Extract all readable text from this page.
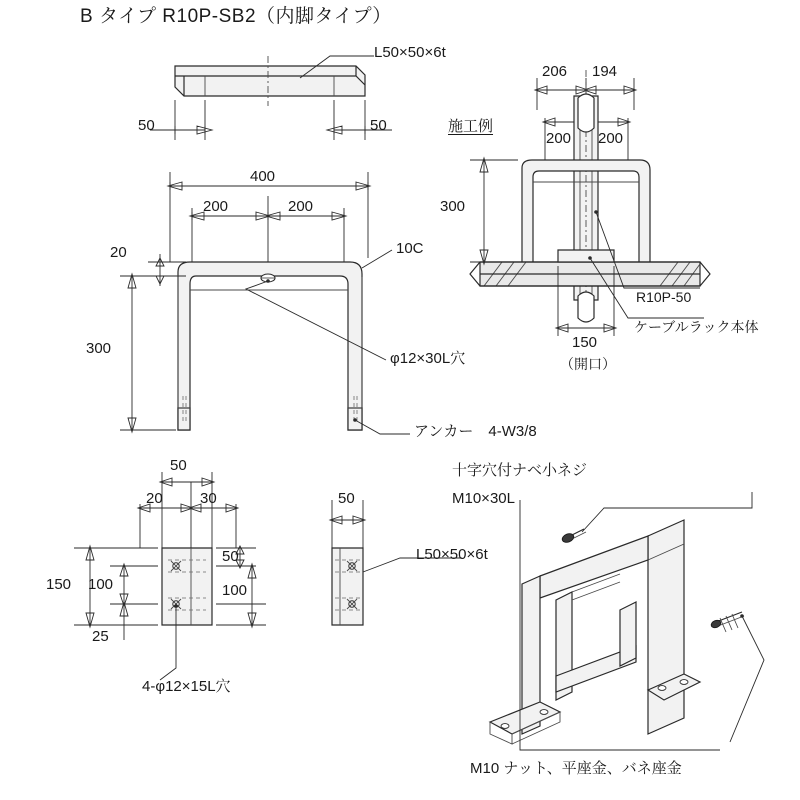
B タイプ R10P-SB2（内脚タイプ）
L50×50×6t
50	50
400
200	200
20
300
10C
φ12×30L穴
アンカー　4-W3/8
施工例
206 194
200 200
300
R10P-50
ケーブルラック本体
150
（開口）
50
20 30
150 100
25
50
100
4-φ12×15L穴
50
L50×50×6t
十字穴付ナベ小ネジ
M10×30L
M10 ナット、平座金、バネ座金
